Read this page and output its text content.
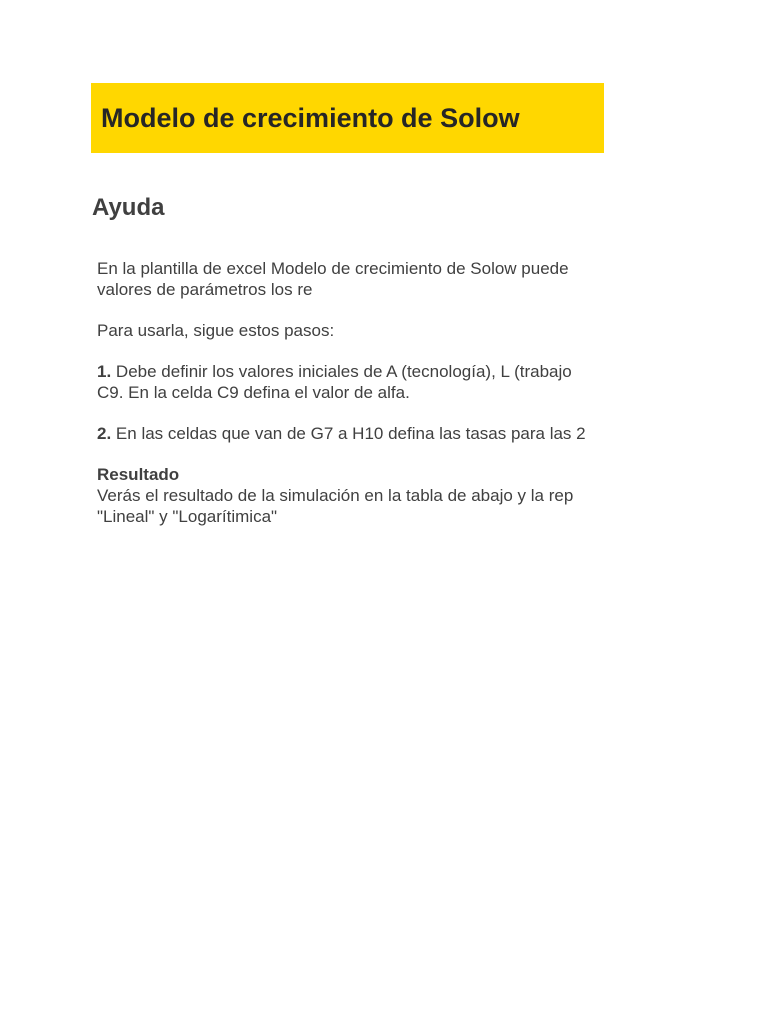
Modelo de crecimiento de Solow
Ayuda

En la plantilla de excel Modelo de crecimiento de Solow puede
valores de parámetros los re

Para usarla, sigue estos pasos:

1. Debe definir los valores iniciales de A (tecnología), L (trabajo
C9. En la celda C9 defina el valor de alfa.

2. En las celdas que van de G7 a H10 defina las tasas para las 2

Resultado
Verás el resultado de la simulación en la tabla de abajo y la rep
"Lineal" y "Logarítimica"
